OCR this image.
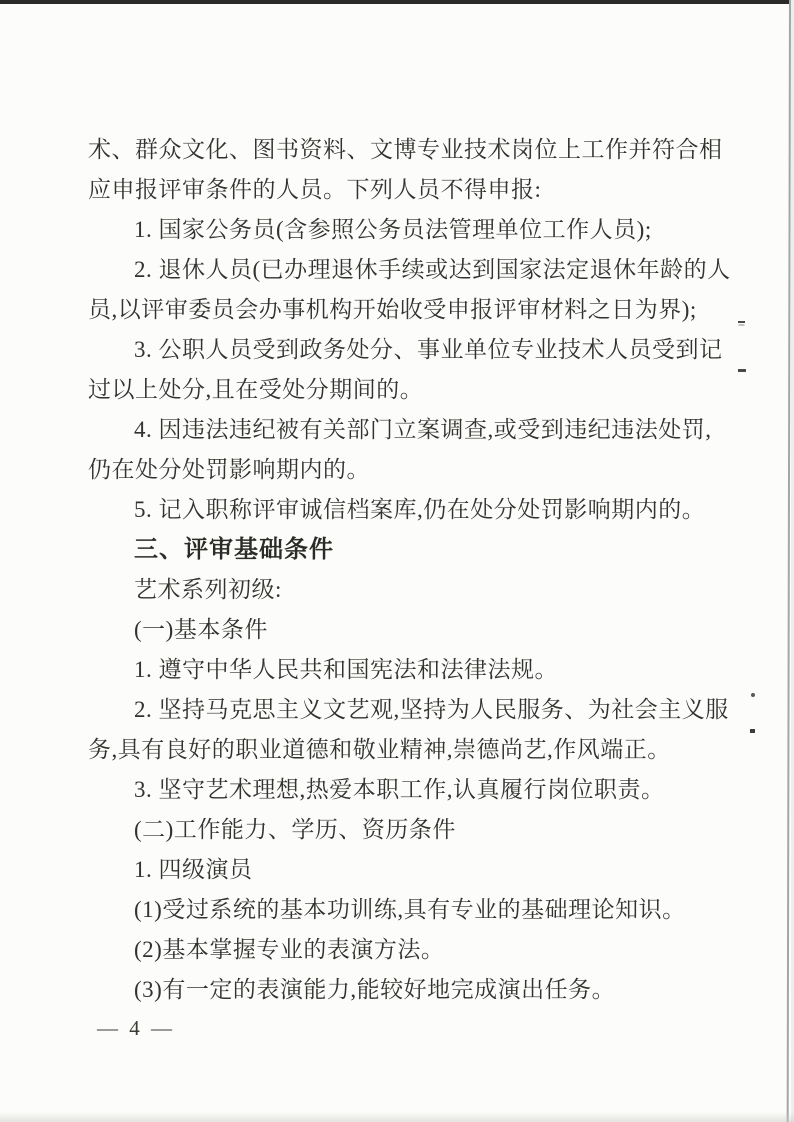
术、群众文化、图书资料、文博专业技术岗位上工作并符合相
应申报评审条件的人员。下列人员不得申报:
1. 国家公务员(含参照公务员法管理单位工作人员);
2. 退休人员(已办理退休手续或达到国家法定退休年龄的人
员,以评审委员会办事机构开始收受申报评审材料之日为界);
3. 公职人员受到政务处分、事业单位专业技术人员受到记
过以上处分,且在受处分期间的。
4. 因违法违纪被有关部门立案调查,或受到违纪违法处罚,
仍在处分处罚影响期内的。
5. 记入职称评审诚信档案库,仍在处分处罚影响期内的。
三、评审基础条件
艺术系列初级:
(一)基本条件
1. 遵守中华人民共和国宪法和法律法规。
2. 坚持马克思主义文艺观,坚持为人民服务、为社会主义服
务,具有良好的职业道德和敬业精神,崇德尚艺,作风端正。
3. 坚守艺术理想,热爱本职工作,认真履行岗位职责。
(二)工作能力、学历、资历条件
1. 四级演员
(1)受过系统的基本功训练,具有专业的基础理论知识。
(2)基本掌握专业的表演方法。
(3)有一定的表演能力,能较好地完成演出任务。
— 4 —
